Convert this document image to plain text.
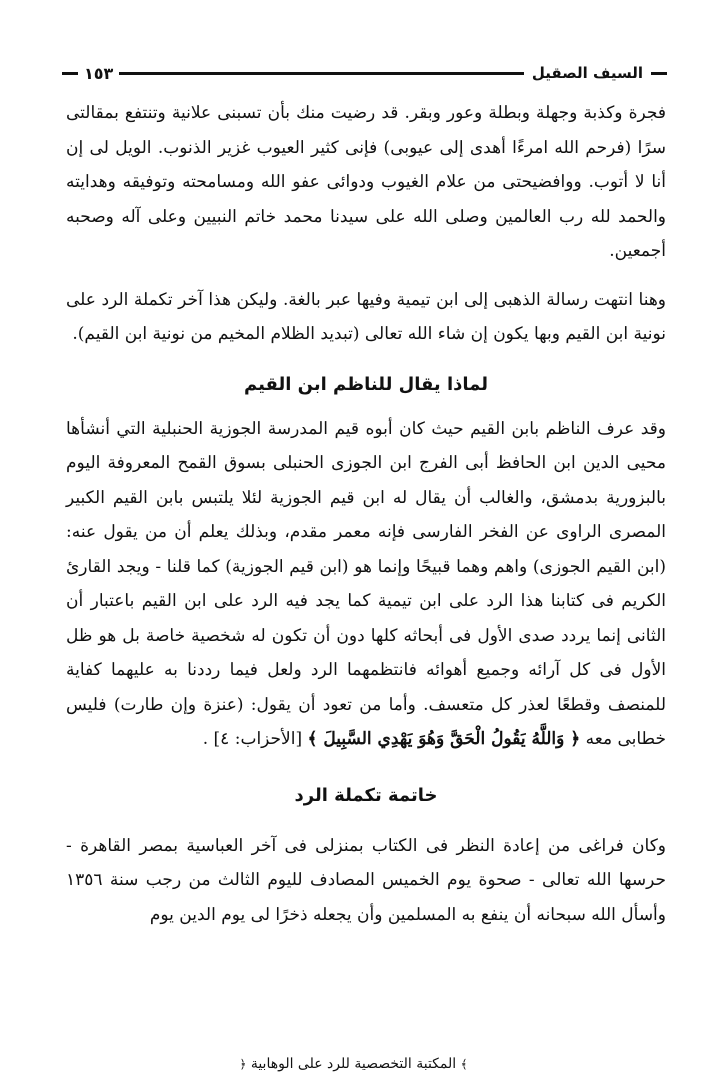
السيف الصقيل
١٥٣

فجرة وكذبة وجهلة وبطلة وعور وبقر. قد رضيت منك بأن تسبنى علانية وتنتفع بمقالتى سرًا (فرحم الله امرءًا أهدى إلى عيوبى) فإنى كثير العيوب غزير الذنوب. الويل لى إن أنا لا أتوب. ووافضيحتى من علام الغيوب ودوائى عفو الله ومسامحته وتوفيقه وهدايته والحمد لله رب العالمين وصلى الله على سيدنا محمد خاتم النبيين وعلى آله وصحبه أجمعين.

وهنا انتهت رسالة الذهبى إلى ابن تيمية وفيها عبر بالغة. وليكن هذا آخر تكملة الرد على نونية ابن القيم وبها يكون إن شاء الله تعالى (تبديد الظلام المخيم من نونية ابن القيم).

لماذا يقال للناظم ابن القيم

وقد عرف الناظم بابن القيم حيث كان أبوه قيم المدرسة الجوزية الحنبلية التي أنشأها محيى الدين ابن الحافظ أبى الفرج ابن الجوزى الحنبلى بسوق القمح المعروفة اليوم بالبزورية بدمشق، والغالب أن يقال له ابن قيم الجوزية لئلا يلتبس بابن القيم الكبير المصرى الراوى عن الفخر الفارسى فإنه معمر مقدم، وبذلك يعلم أن من يقول عنه: (ابن القيم الجوزى) واهم وهما قبيحًا وإنما هو (ابن قيم الجوزية) كما قلنا - ويجد القارئ الكريم فى كتابنا هذا الرد على ابن تيمية كما يجد فيه الرد على ابن القيم باعتبار أن الثانى إنما يردد صدى الأول فى أبحاثه كلها دون أن تكون له شخصية خاصة بل هو ظل الأول فى كل آرائه وجميع أهوائه فانتظمهما الرد ولعل فيما رددنا به عليهما كفاية للمنصف وقطعًا لعذر كل متعسف. وأما من تعود أن يقول: (عنزة وإن طارت) فليس خطابى معه ﴿ وَاللَّهُ يَقُولُ الْحَقَّ وَهُوَ يَهْدِي السَّبِيلَ ﴾ [الأحزاب: ٤] .

خاتمة تكملة الرد

وكان فراغى من إعادة النظر فى الكتاب بمنزلى فى آخر العباسية بمصر القاهرة - حرسها الله تعالى - صحوة يوم الخميس المصادف لليوم الثالث من رجب سنة ١٣٥٦ وأسأل الله سبحانه أن ينفع به المسلمين وأن يجعله ذخرًا لى يوم الدين يوم

﴾ المكتبة التخصصية للرد على الوهابية ﴿
